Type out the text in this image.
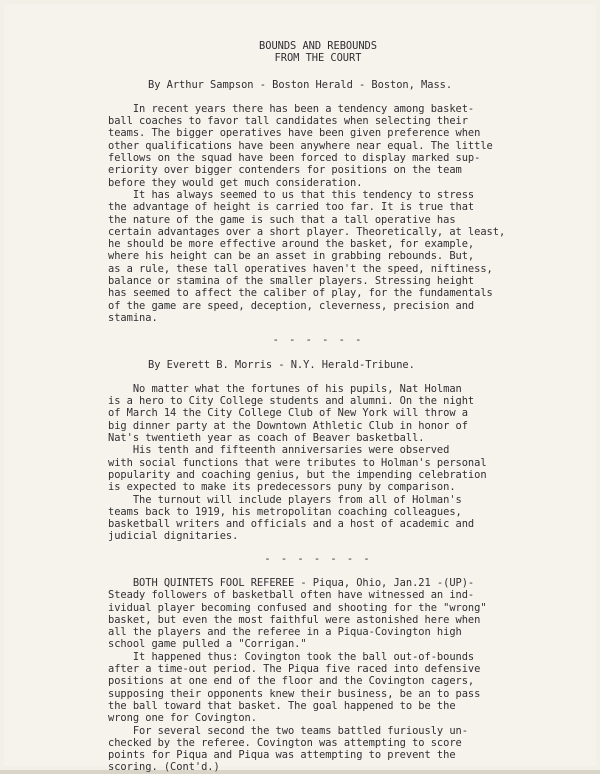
BOUNDS AND REBOUNDS

FROM THE COURT

By Arthur Sampson - Boston Herald - Boston, Mass.

In recent years there has been a tendency among basket-
ball coaches to favor tall candidates when selecting their
teams. The bigger operatives have been given preference when
other qualifications have been anywhere near equal. The little
fellows on the squad have been forced to display marked sup-
eriority over bigger contenders for positions on the team
before they would get much consideration.
It has always seemed to us that this tendency to stress
the advantage of height is carried too far. It is true that
the nature of the game is such that a tall operative has
certain advantages over a short player. Theoretically, at least,
he should be more effective around the basket, for example,
where his height can be an asset in grabbing rebounds. But,
as a rule, these tall operatives haven't the speed, niftiness,
balance or stamina of the smaller players. Stressing height
has seemed to affect the caliber of play, for the fundamentals
of the game are speed, deception, cleverness, precision and
stamina.

- - - - - -

By Everett B. Morris - N.Y. Herald-Tribune.

No matter what the fortunes of his pupils, Nat Holman
is a hero to City College students and alumni. On the night
of March 14 the City College Club of New York will throw a
big dinner party at the Downtown Athletic Club in honor of
Nat's twentieth year as coach of Beaver basketball.
His tenth and fifteenth anniversaries were observed
with social functions that were tributes to Holman's personal
popularity and coaching genius, but the impending celebration
is expected to make its predecessors puny by comparison.
The turnout will include players from all of Holman's
teams back to 1919, his metropolitan coaching colleagues,
basketball writers and officials and a host of academic and
judicial dignitaries.

- - - - - - -

BOTH QUINTETS FOOL REFEREE - Piqua, Ohio, Jan.21 -(UP)-
Steady followers of basketball often have witnessed an ind-
ividual player becoming confused and shooting for the "wrong"
basket, but even the most faithful were astonished here when
all the players and the referee in a Piqua-Covington high
school game pulled a "Corrigan."
It happened thus: Covington took the ball out-of-bounds
after a time-out period. The Piqua five raced into defensive
positions at one end of the floor and the Covington cagers,
supposing their opponents knew their business, be an to pass
the ball toward that basket. The goal happened to be the
wrong one for Covington.
For several second the two teams battled furiously un-
checked by the referee. Covington was attempting to score
points for Piqua and Piqua was attempting to prevent the
scoring. (Cont'd.)
